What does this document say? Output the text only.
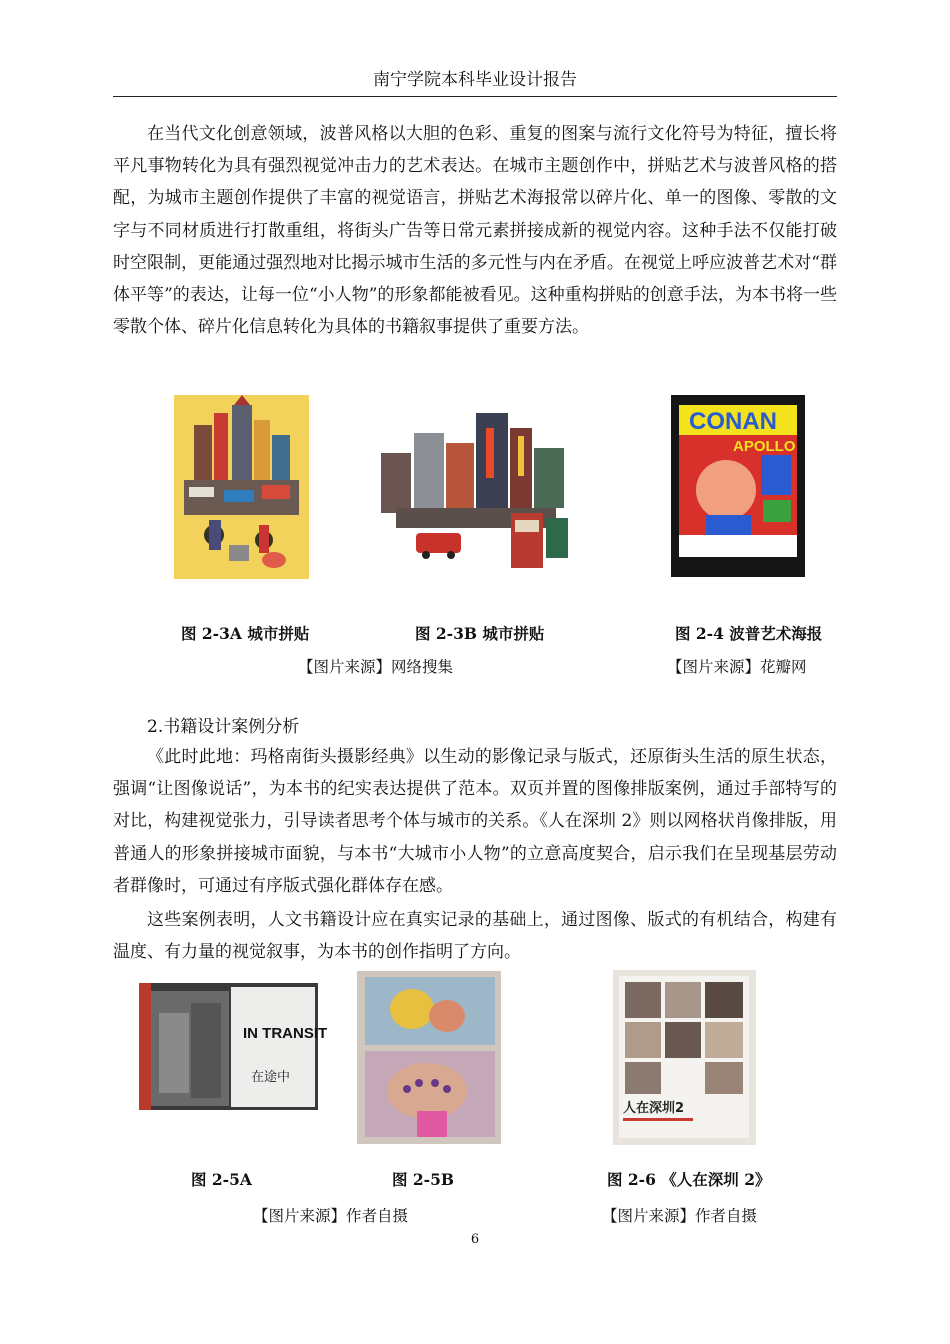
南宁学院本科毕业设计报告

在当代文化创意领域，波普风格以大胆的色彩、重复的图案与流行文化符号为特征，擅长将平凡事物转化为具有强烈视觉冲击力的艺术表达。在城市主题创作中，拼贴艺术与波普风格的搭配，为城市主题创作提供了丰富的视觉语言，拼贴艺术海报常以碎片化、单一的图像、零散的文字与不同材质进行打散重组，将街头广告等日常元素拼接成新的视觉内容。这种手法不仅能打破时空限制，更能通过强烈地对比揭示城市生活的多元性与内在矛盾。在视觉上呼应波普艺术对“群体平等”的表达，让每一位“小人物”的形象都能被看见。这种重构拼贴的创意手法，为本书将一些零散个体、碎片化信息转化为具体的书籍叙事提供了重要方法。

CONAN
APOLLO
图 2-3A 城市拼贴	图 2-3B 城市拼贴	图 2-4 波普艺术海报
【图片来源】网络搜集	【图片来源】花瓣网

2.书籍设计案例分析

《此时此地：玛格南街头摄影经典》以生动的影像记录与版式，还原街头生活的原生状态，强调“让图像说话”，为本书的纪实表达提供了范本。双页并置的图像排版案例，通过手部特写的对比，构建视觉张力，引导读者思考个体与城市的关系。《人在深圳 2》则以网格状肖像排版，用普通人的形象拼接城市面貌，与本书“大城市小人物”的立意高度契合，启示我们在呈现基层劳动者群像时，可通过有序版式强化群体存在感。

这些案例表明，人文书籍设计应在真实记录的基础上，通过图像、版式的有机结合，构建有温度、有力量的视觉叙事，为本书的创作指明了方向。

IN TRANSIT
在途中
人在深圳2
图 2-5A	图 2-5B	图 2-6 《人在深圳 2》
【图片来源】作者自摄	【图片来源】作者自摄
6
